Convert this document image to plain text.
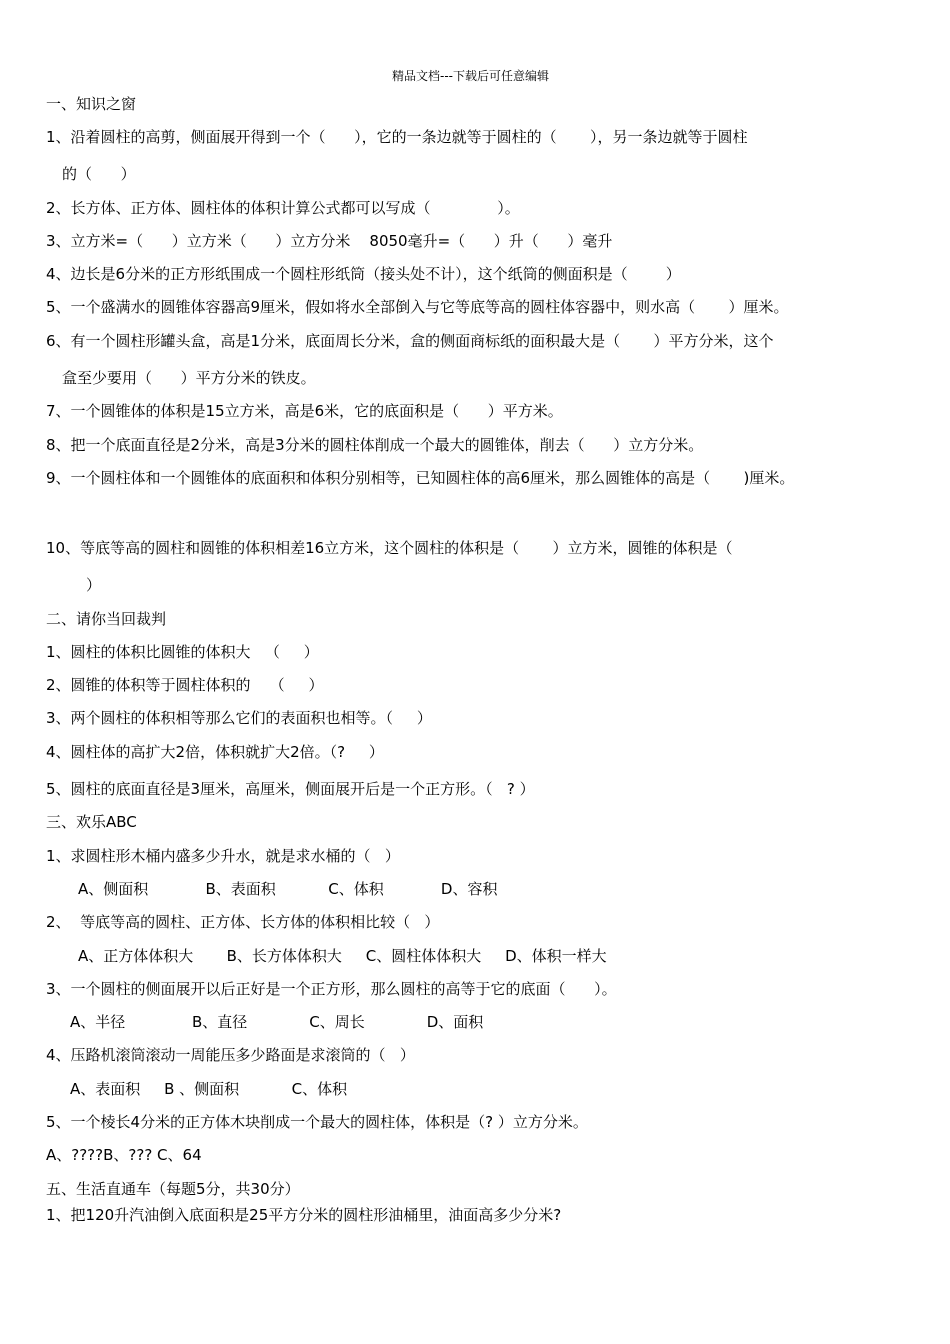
精品文档---下载后可任意编辑
一、知识之窗
1、沿着圆柱的高剪，侧面展开得到一个（      ），它的一条边就等于圆柱的（       ），另一条边就等于圆柱
的（      ）
2、长方体、正方体、圆柱体的体积计算公式都可以写成（              ）。
3、立方米=（      ）立方米（      ）立方分米    8050毫升=（      ）升（      ）毫升
4、边长是6分米的正方形纸围成一个圆柱形纸筒（接头处不计），这个纸筒的侧面积是（        ）
5、一个盛满水的圆锥体容器高9厘米，假如将水全部倒入与它等底等高的圆柱体容器中，则水高（       ）厘米。
6、有一个圆柱形罐头盒，高是1分米，底面周长分米，盒的侧面商标纸的面积最大是（       ）平方分米，这个
盒至少要用（      ）平方分米的铁皮。
7、一个圆锥体的体积是15立方米，高是6米，它的底面积是（      ）平方米。
8、把一个底面直径是2分米，高是3分米的圆柱体削成一个最大的圆锥体，削去（      ）立方分米。
9、一个圆柱体和一个圆锥体的底面积和体积分别相等，已知圆柱体的高6厘米，那么圆锥体的高是（       )厘米。
10、等底等高的圆柱和圆锥的体积相差16立方米，这个圆柱的体积是（       ）立方米，圆锥的体积是（
）
二、请你当回裁判
1、圆柱的体积比圆锥的体积大   （     ）
2、圆锥的体积等于圆柱体积的    （     ）
3、两个圆柱的体积相等那么它们的表面积也相等。（     ）
4、圆柱体的高扩大2倍，体积就扩大2倍。（?     ）
5、圆柱的底面直径是3厘米，高厘米，侧面展开后是一个正方形。（   ? ）
三、欢乐ABC
1、求圆柱形木桶内盛多少升水，就是求水桶的（   ）
A、侧面积            B、表面积           C、体积            D、容积
2、  等底等高的圆柱、正方体、长方体的体积相比较（   ）
A、正方体体积大       B、长方体体积大     C、圆柱体体积大     D、体积一样大
3、一个圆柱的侧面展开以后正好是一个正方形，那么圆柱的高等于它的底面（      ）。
A、半径              B、直径             C、周长             D、面积
4、压路机滚筒滚动一周能压多少路面是求滚筒的（   ）
A、表面积     B 、侧面积           C、体积
5、一个棱长4分米的正方体木块削成一个最大的圆柱体，体积是（? ）立方分米。
A、????B、??? C、64
五、生活直通车（每题5分，共30分）
1、把120升汽油倒入底面积是25平方分米的圆柱形油桶里，油面高多少分米?
